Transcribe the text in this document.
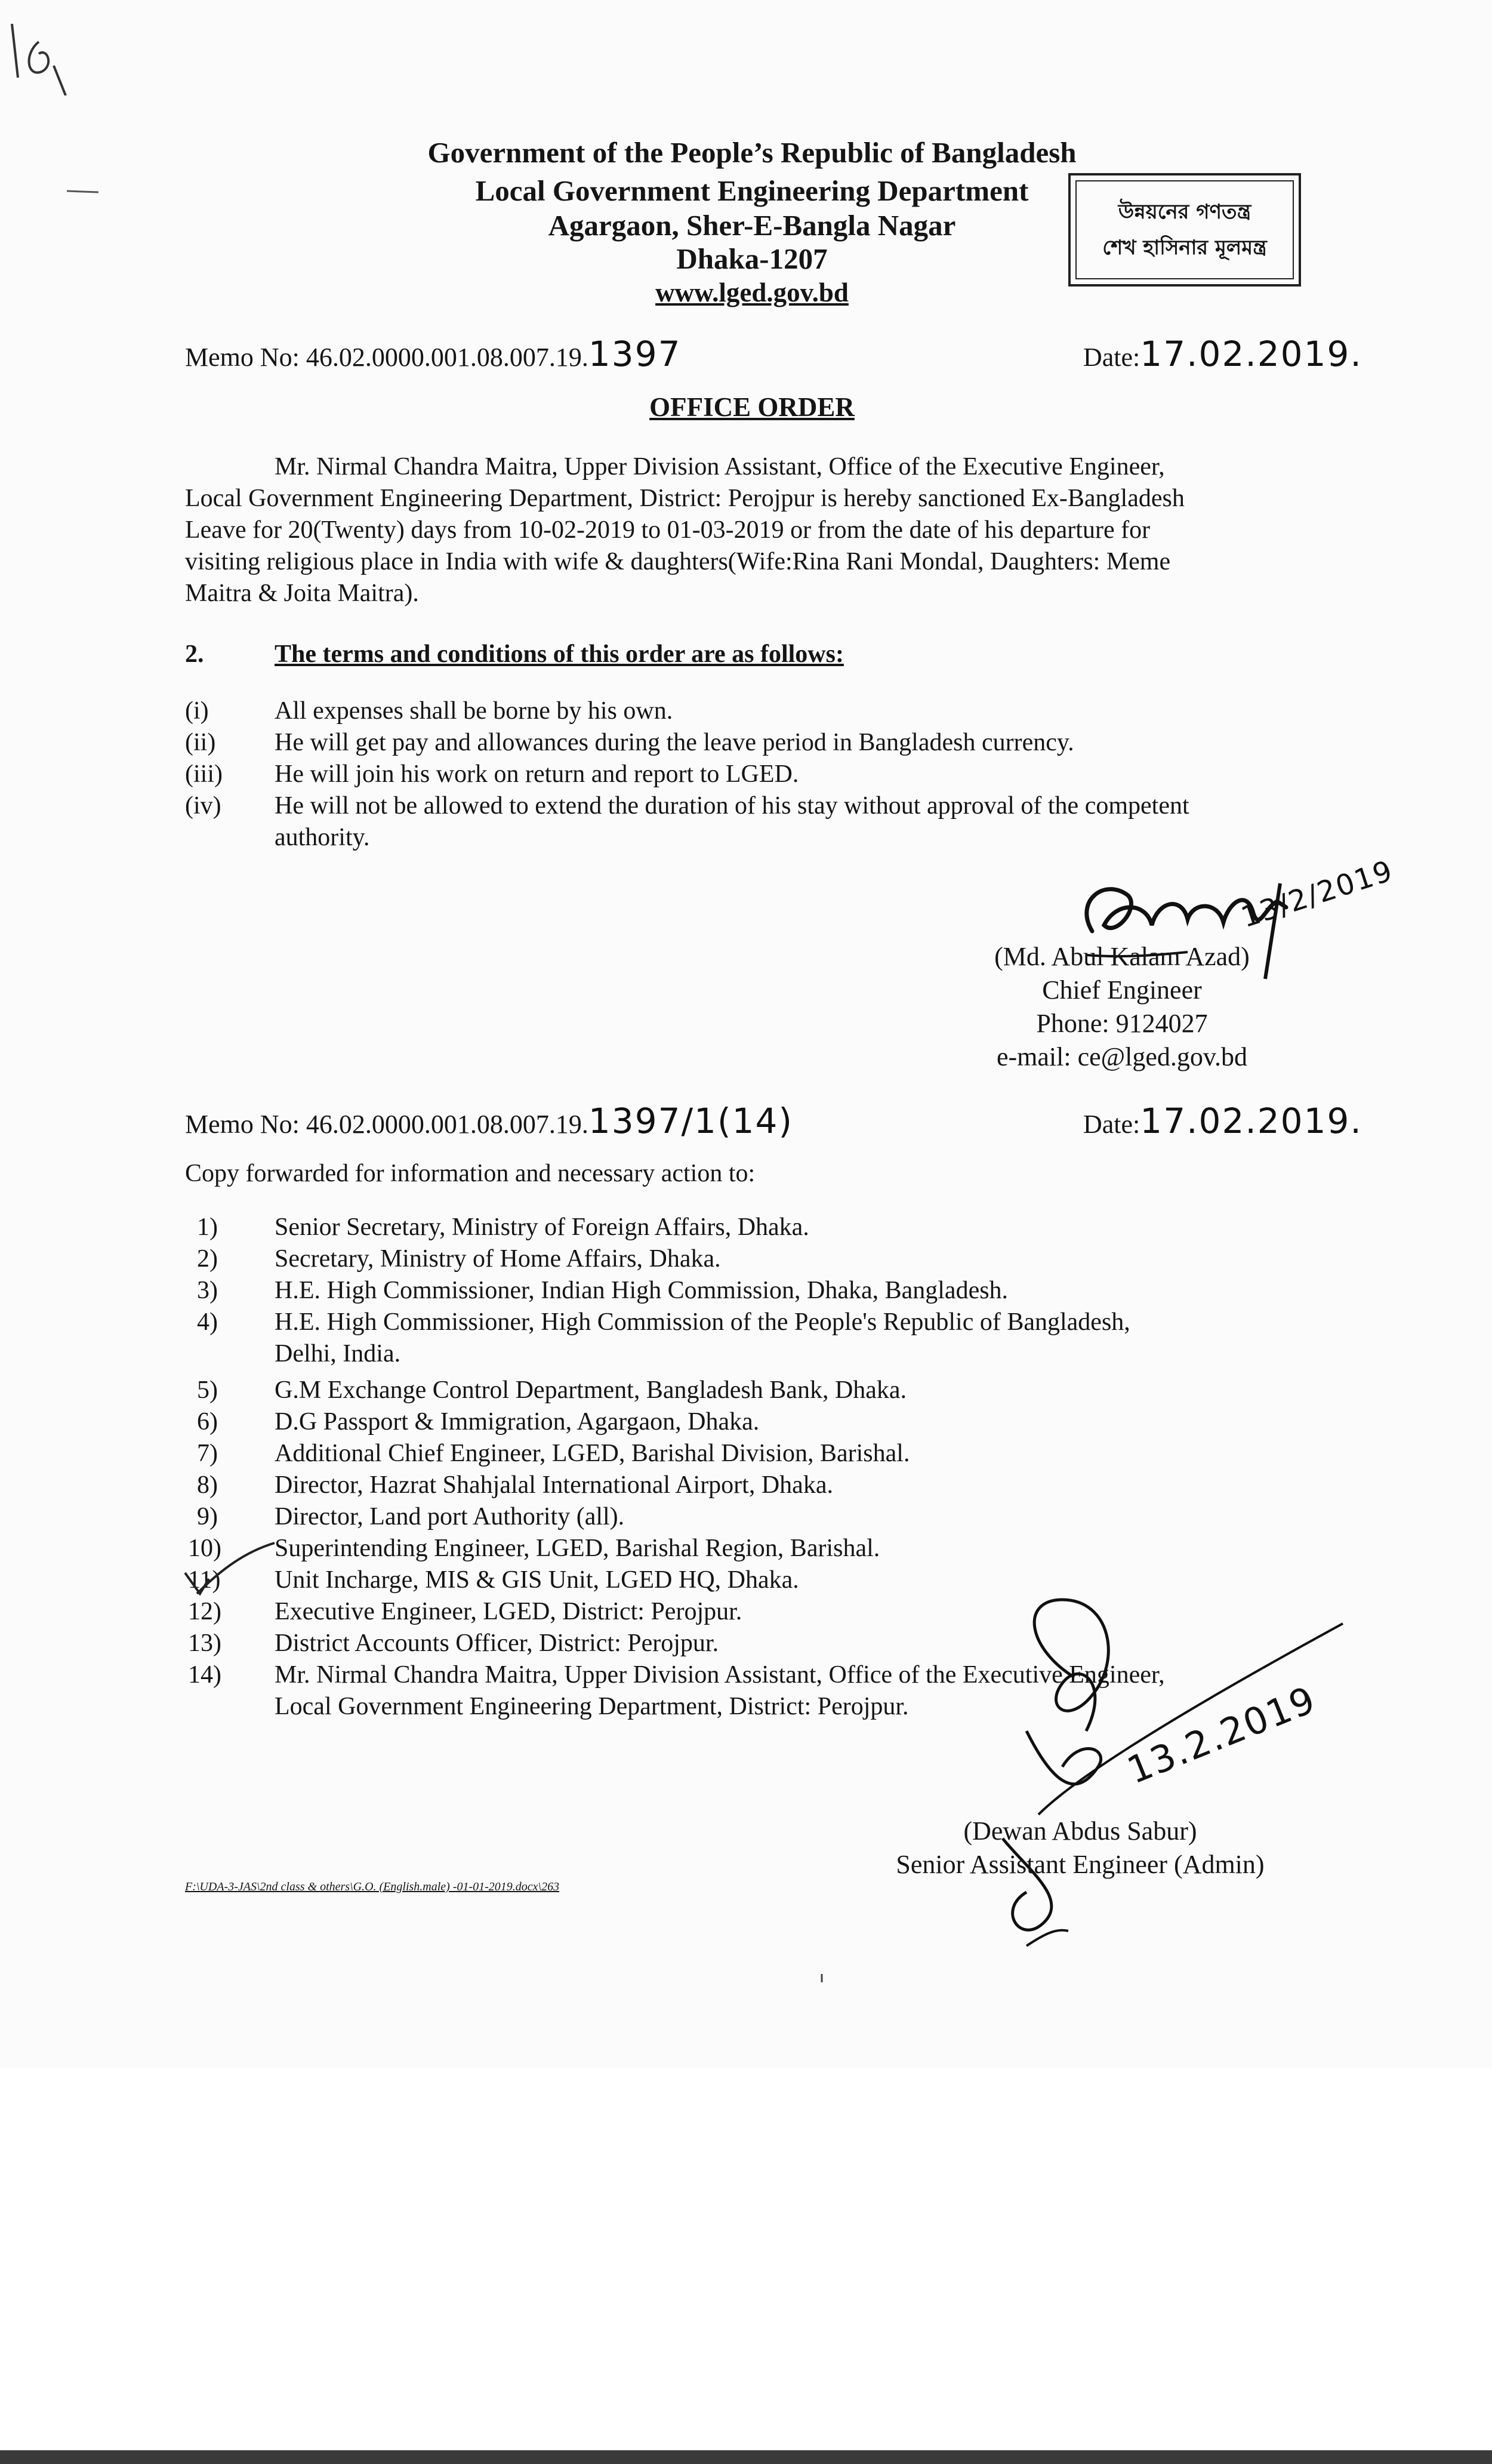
Government of the People’s Republic of Bangladesh
Local Government Engineering Department
Agargaon, Sher-E-Bangla Nagar
Dhaka-1207
www.lged.gov.bd
উন্নয়নের গণতন্ত্র
শেখ হাসিনার মূলমন্ত্র
Memo No: 46.02.0000.001.08.007.19.1397	Date:17.02.2019.
OFFICE ORDER
Mr. Nirmal Chandra Maitra, Upper Division Assistant, Office of the Executive Engineer,
Local Government Engineering Department, District: Perojpur is hereby sanctioned Ex-Bangladesh
Leave for 20(Twenty) days from 10-02-2019 to 01-03-2019 or from the date of his departure for
visiting religious place in India with wife & daughters(Wife:Rina Rani Mondal, Daughters: Meme
Maitra & Joita Maitra).
2.	The terms and conditions of this order are as follows:
(i)	All expenses shall be borne by his own.
(ii) He will get pay and allowances during the leave period in Bangladesh currency.
(iii) He will join his work on return and report to LGED.
(iv) He will not be allowed to extend the duration of his stay without approval of the competent
authority.
13/2/2019
(Md. Abul Kalam Azad)
Chief Engineer
Phone: 9124027
e-mail: ce@lged.gov.bd
Memo No: 46.02.0000.001.08.007.19.1397/1(14)	Date:17.02.2019.
Copy forwarded for information and necessary action to:
1) Senior Secretary, Ministry of Foreign Affairs, Dhaka.
2) Secretary, Ministry of Home Affairs, Dhaka.
3) H.E. High Commissioner, Indian High Commission, Dhaka, Bangladesh.
4) H.E. High Commissioner, High Commission of the People's Republic of Bangladesh,
Delhi, India.
5) G.M Exchange Control Department, Bangladesh Bank, Dhaka.
6) D.G Passport & Immigration, Agargaon, Dhaka.
7) Additional Chief Engineer, LGED, Barishal Division, Barishal.
8) Director, Hazrat Shahjalal International Airport, Dhaka.
9) Director, Land port Authority (all).
10) Superintending Engineer, LGED, Barishal Region, Barishal.
11) Unit Incharge, MIS & GIS Unit, LGED HQ, Dhaka.
12) Executive Engineer, LGED, District: Perojpur.
13) District Accounts Officer, District: Perojpur.
14) Mr. Nirmal Chandra Maitra, Upper Division Assistant, Office of the Executive Engineer,
Local Government Engineering Department, District: Perojpur.	13.2.2019
(Dewan Abdus Sabur)
Senior Assistant Engineer (Admin)
F:\UDA-3-JAS\2nd class & others\G.O. (English.male) -01-01-2019.docx\263
